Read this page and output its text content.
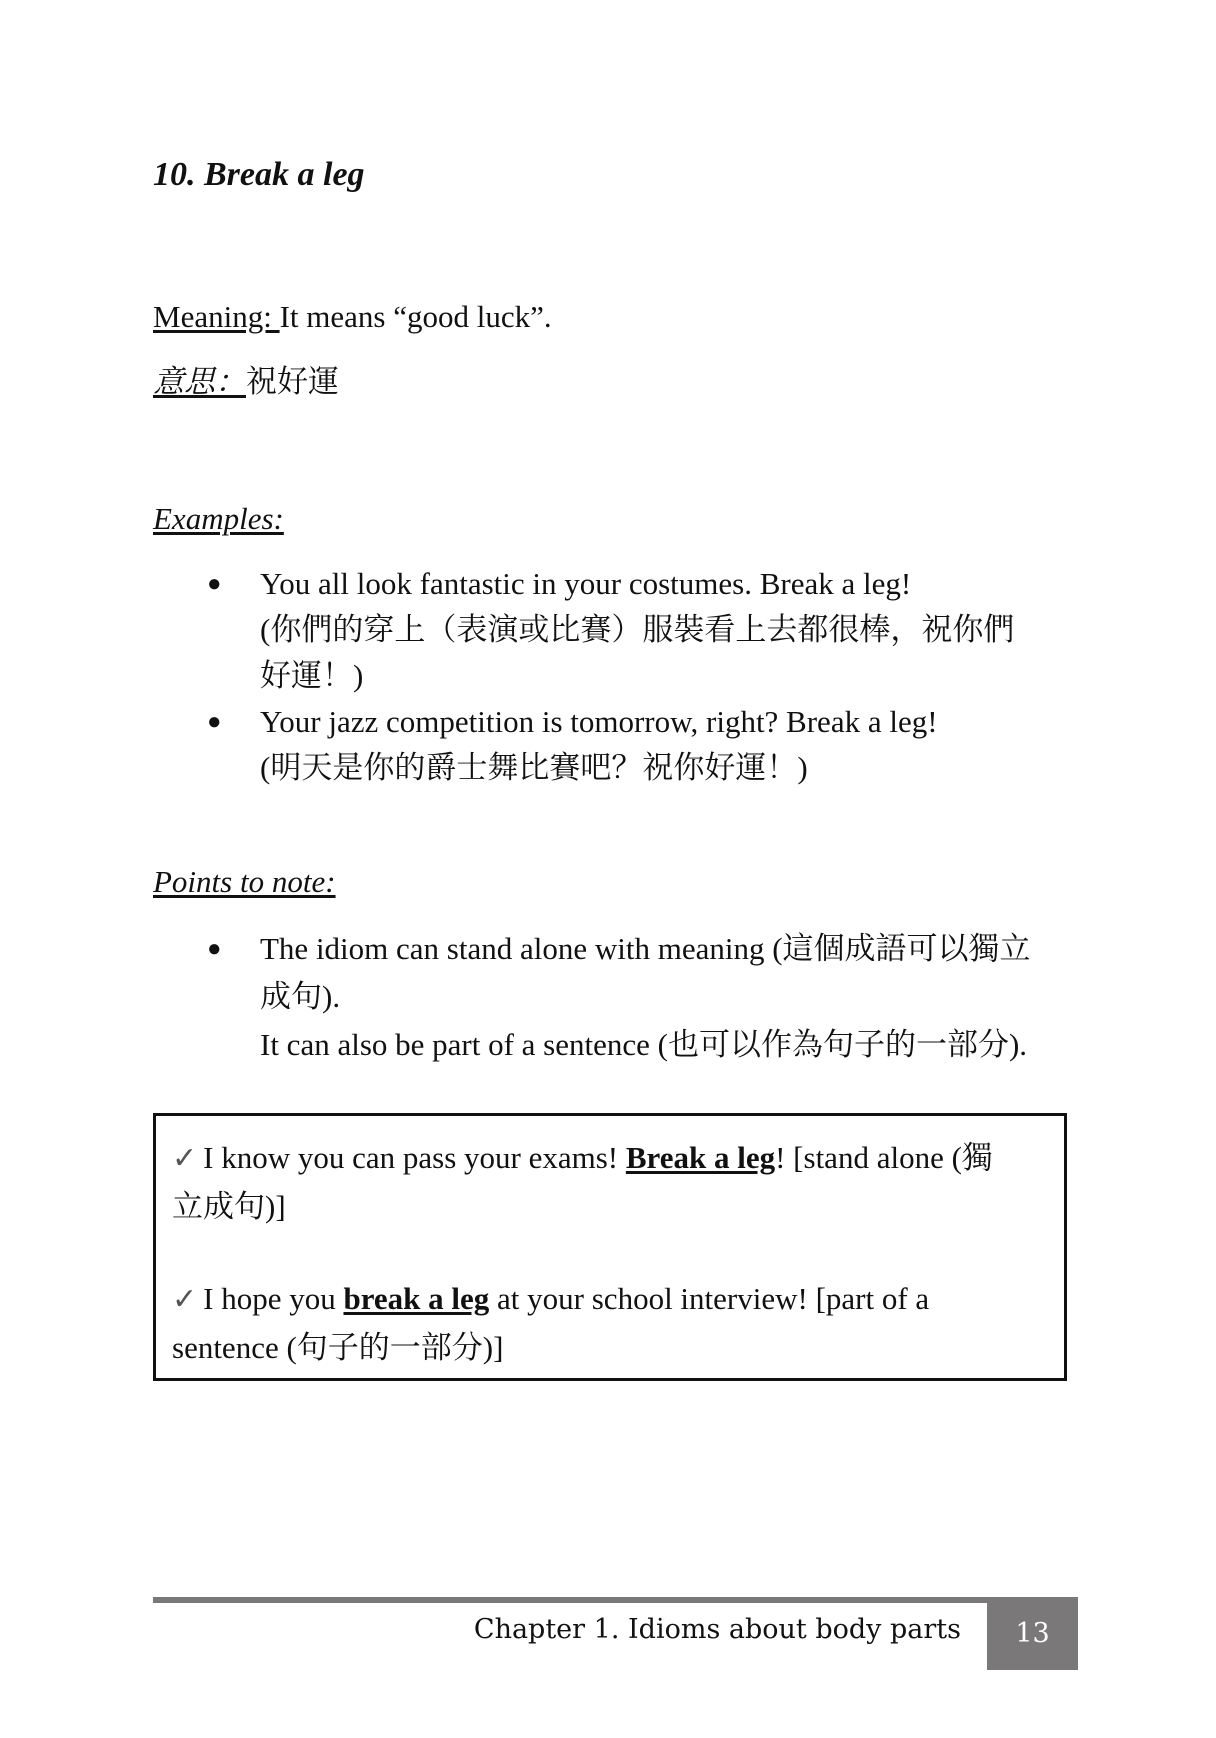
10. Break a leg
Meaning: It means “good luck”.
意思：祝好運
Examples:
● You all look fantastic in your costumes. Break a leg!
(你們的穿上（表演或比賽）服裝看上去都很棒，祝你們
好運！)
● Your jazz competition is tomorrow, right? Break a leg!
(明天是你的爵士舞比賽吧？祝你好運！)
Points to note:
● The idiom can stand alone with meaning (這個成語可以獨立
成句).
It can also be part of a sentence (也可以作為句子的一部分).

✓ I know you can pass your exams! Break a leg! [stand alone (獨
立成句)]

✓ I hope you break a leg at your school interview! [part of a
sentence (句子的一部分)]

Chapter 1. Idioms about body parts	13
